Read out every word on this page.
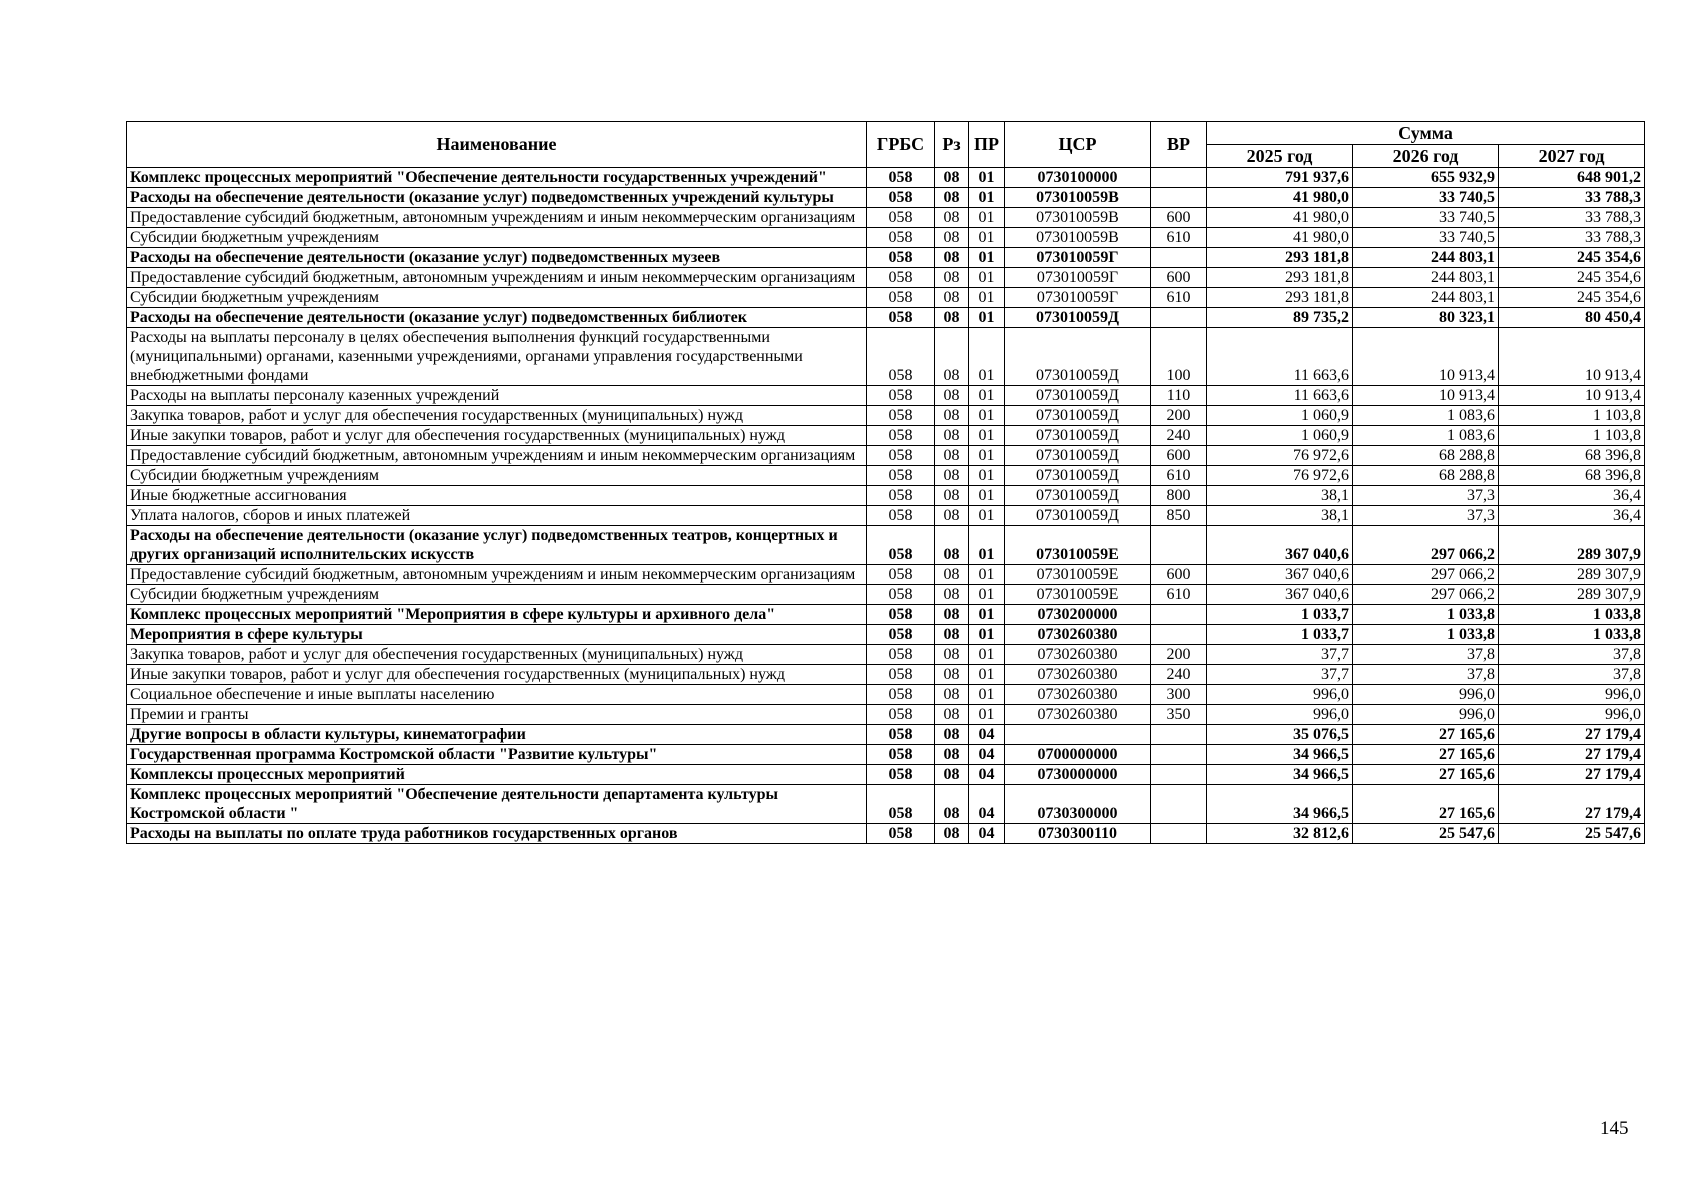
Наименование	ГРБС	Рз	ПР	ЦСР	ВР	Сумма		
						2025 год	2026 год	2027 год
Комплекс процессных мероприятий "Обеспечение деятельности государственных учреждений"	058	08	01	0730100000		791 937,6	655 932,9	648 901,2
Расходы на обеспечение деятельности (оказание услуг) подведомственных учреждений культуры	058	08	01	073010059В		41 980,0	33 740,5	33 788,3
Предоставление субсидий бюджетным, автономным учреждениям и иным некоммерческим организациям	058	08	01	073010059В	600	41 980,0	33 740,5	33 788,3
Субсидии бюджетным учреждениям	058	08	01	073010059В	610	41 980,0	33 740,5	33 788,3
Расходы на обеспечение деятельности (оказание услуг) подведомственных музеев	058	08	01	073010059Г		293 181,8	244 803,1	245 354,6
Предоставление субсидий бюджетным, автономным учреждениям и иным некоммерческим организациям	058	08	01	073010059Г	600	293 181,8	244 803,1	245 354,6
Субсидии бюджетным учреждениям	058	08	01	073010059Г	610	293 181,8	244 803,1	245 354,6
Расходы на обеспечение деятельности (оказание услуг) подведомственных библиотек	058	08	01	073010059Д		89 735,2	80 323,1	80 450,4
Расходы на выплаты персоналу в целях обеспечения выполнения функций государственными (муниципальными) органами, казенными учреждениями, органами управления государственными внебюджетными фондами	058	08	01	073010059Д	100	11 663,6	10 913,4	10 913,4
Расходы на выплаты персоналу казенных учреждений	058	08	01	073010059Д	110	11 663,6	10 913,4	10 913,4
Закупка товаров, работ и услуг для обеспечения государственных (муниципальных) нужд	058	08	01	073010059Д	200	1 060,9	1 083,6	1 103,8
Иные закупки товаров, работ и услуг для обеспечения государственных (муниципальных) нужд	058	08	01	073010059Д	240	1 060,9	1 083,6	1 103,8
Предоставление субсидий бюджетным, автономным учреждениям и иным некоммерческим организациям	058	08	01	073010059Д	600	76 972,6	68 288,8	68 396,8
Субсидии бюджетным учреждениям	058	08	01	073010059Д	610	76 972,6	68 288,8	68 396,8
Иные бюджетные ассигнования	058	08	01	073010059Д	800	38,1	37,3	36,4
Уплата налогов, сборов и иных платежей	058	08	01	073010059Д	850	38,1	37,3	36,4
Расходы на обеспечение деятельности (оказание услуг) подведомственных театров, концертных и других организаций исполнительских искусств	058	08	01	073010059Е		367 040,6	297 066,2	289 307,9
Предоставление субсидий бюджетным, автономным учреждениям и иным некоммерческим организациям	058	08	01	073010059Е	600	367 040,6	297 066,2	289 307,9
Субсидии бюджетным учреждениям	058	08	01	073010059Е	610	367 040,6	297 066,2	289 307,9
Комплекс процессных мероприятий "Мероприятия в сфере культуры и архивного дела"	058	08	01	0730200000		1 033,7	1 033,8	1 033,8
Мероприятия в сфере культуры	058	08	01	0730260380		1 033,7	1 033,8	1 033,8
Закупка товаров, работ и услуг для обеспечения государственных (муниципальных) нужд	058	08	01	0730260380	200	37,7	37,8	37,8
Иные закупки товаров, работ и услуг для обеспечения государственных (муниципальных) нужд	058	08	01	0730260380	240	37,7	37,8	37,8
Социальное обеспечение и иные выплаты населению	058	08	01	0730260380	300	996,0	996,0	996,0
Премии и гранты	058	08	01	0730260380	350	996,0	996,0	996,0
Другие вопросы в области культуры, кинематографии	058	08	04			35 076,5	27 165,6	27 179,4
Государственная программа Костромской области "Развитие культуры"	058	08	04	0700000000		34 966,5	27 165,6	27 179,4
Комплексы процессных мероприятий	058	08	04	0730000000		34 966,5	27 165,6	27 179,4
Комплекс процессных мероприятий "Обеспечение деятельности департамента культуры Костромской области "	058	08	04	0730300000		34 966,5	27 165,6	27 179,4
Расходы на выплаты по оплате труда работников государственных органов	058	08	04	0730300110		32 812,6	25 547,6	25 547,6
145
